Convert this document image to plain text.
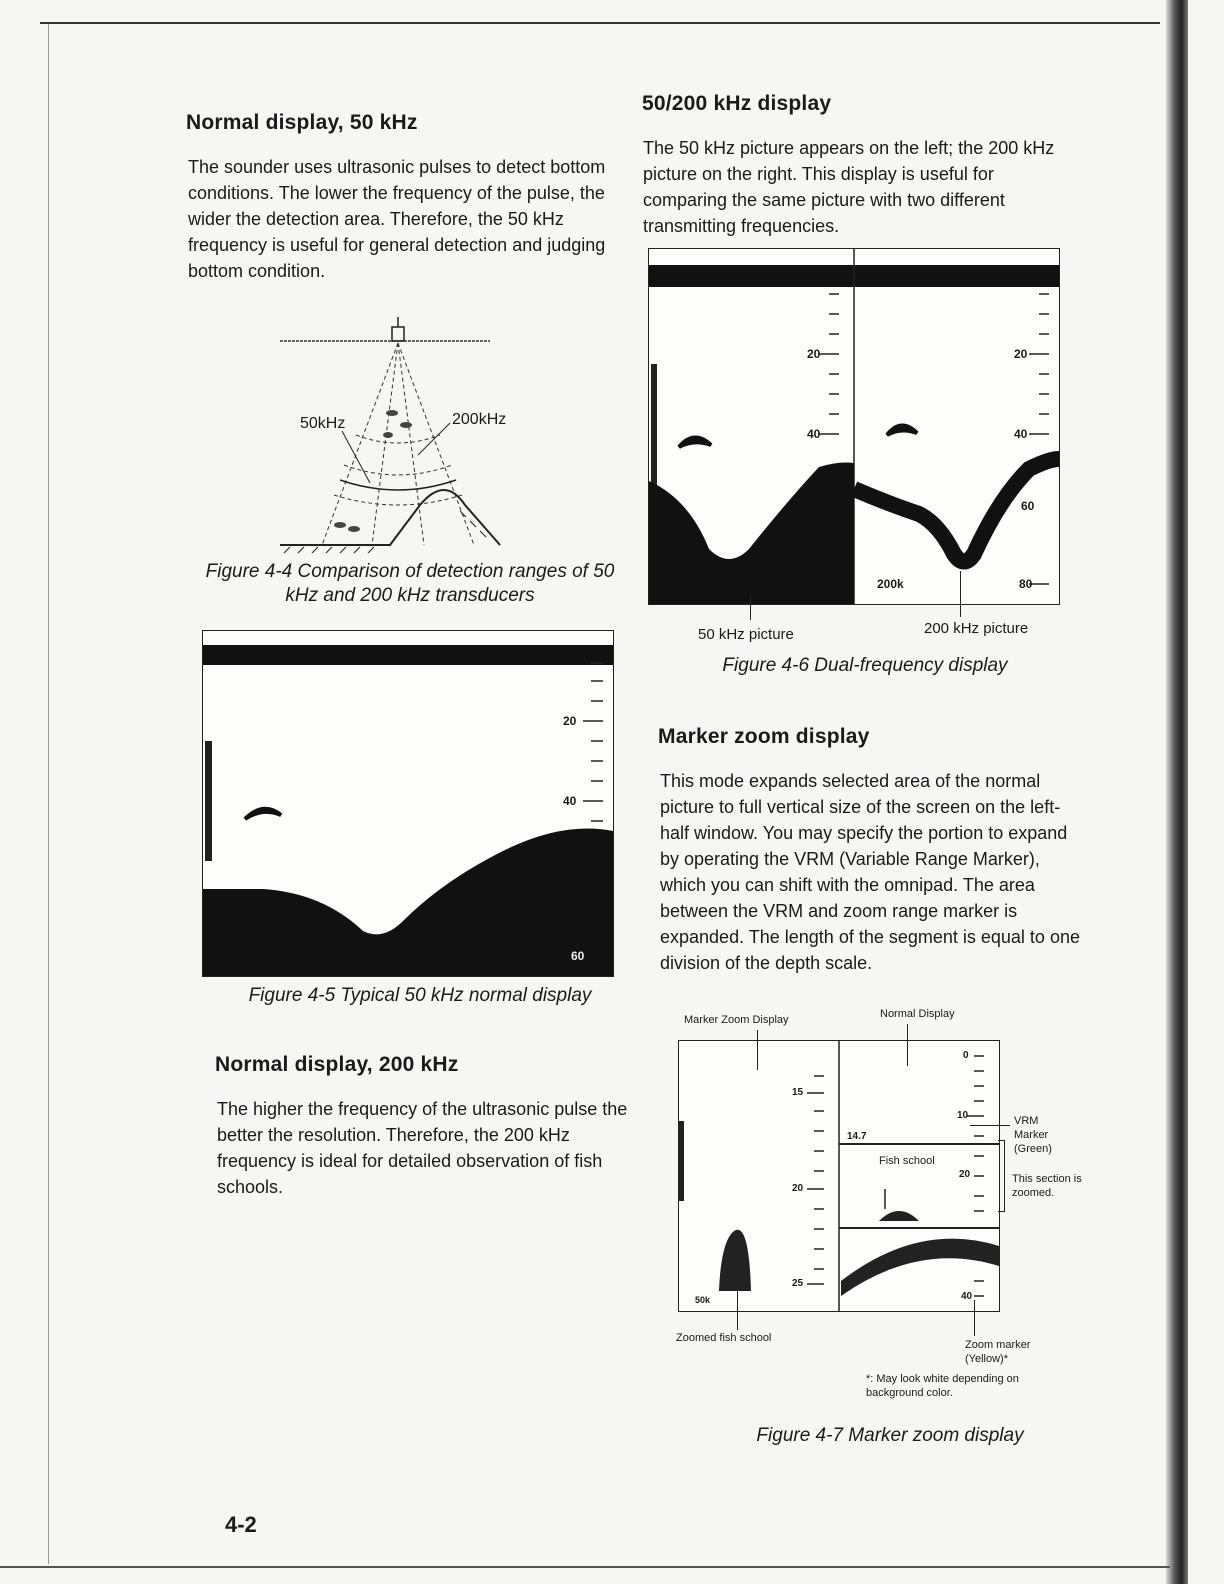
Normal display, 50 kHz

The sounder uses ultrasonic pulses to detect bottom conditions. The lower the frequency of the pulse, the wider the detection area. Therefore, the 50 kHz frequency is useful for general detection and judging bottom condition.

50kHz	200kHz
Figure 4-4 Comparison of detection ranges of 50 kHz and 200 kHz transducers
20
40
60
Figure 4-5 Typical 50 kHz normal display
Normal display, 200 kHz

The higher the frequency of the ultrasonic pulse the better the resolution. Therefore, the 200 kHz frequency is ideal for detailed observation of fish schools.

50/200 kHz display

The 50 kHz picture appears on the left; the 200 kHz picture on the right. This display is useful for comparing the same picture with two different transmitting frequencies.

20
40
20
40
60
80
200k
50 kHz picture	200 kHz picture
Figure 4-6 Dual-frequency display
Marker zoom display

This mode expands selected area of the normal picture to full vertical size of the screen on the left-half window. You may specify the portion to expand by operating the VRM (Variable Range Marker), which you can shift with the omnipad. The area between the VRM and zoom range marker is expanded. The length of the segment is equal to one division of the depth scale.

Marker Zoom Display	Normal Display
15
20
25
0
10
20
40
14.7
Fish school
50k
VRM Marker (Green)
This section is zoomed.
Zoomed fish school
Zoom marker (Yellow)*
*: May look white depending on background color.
Figure 4-7 Marker zoom display
4-2
